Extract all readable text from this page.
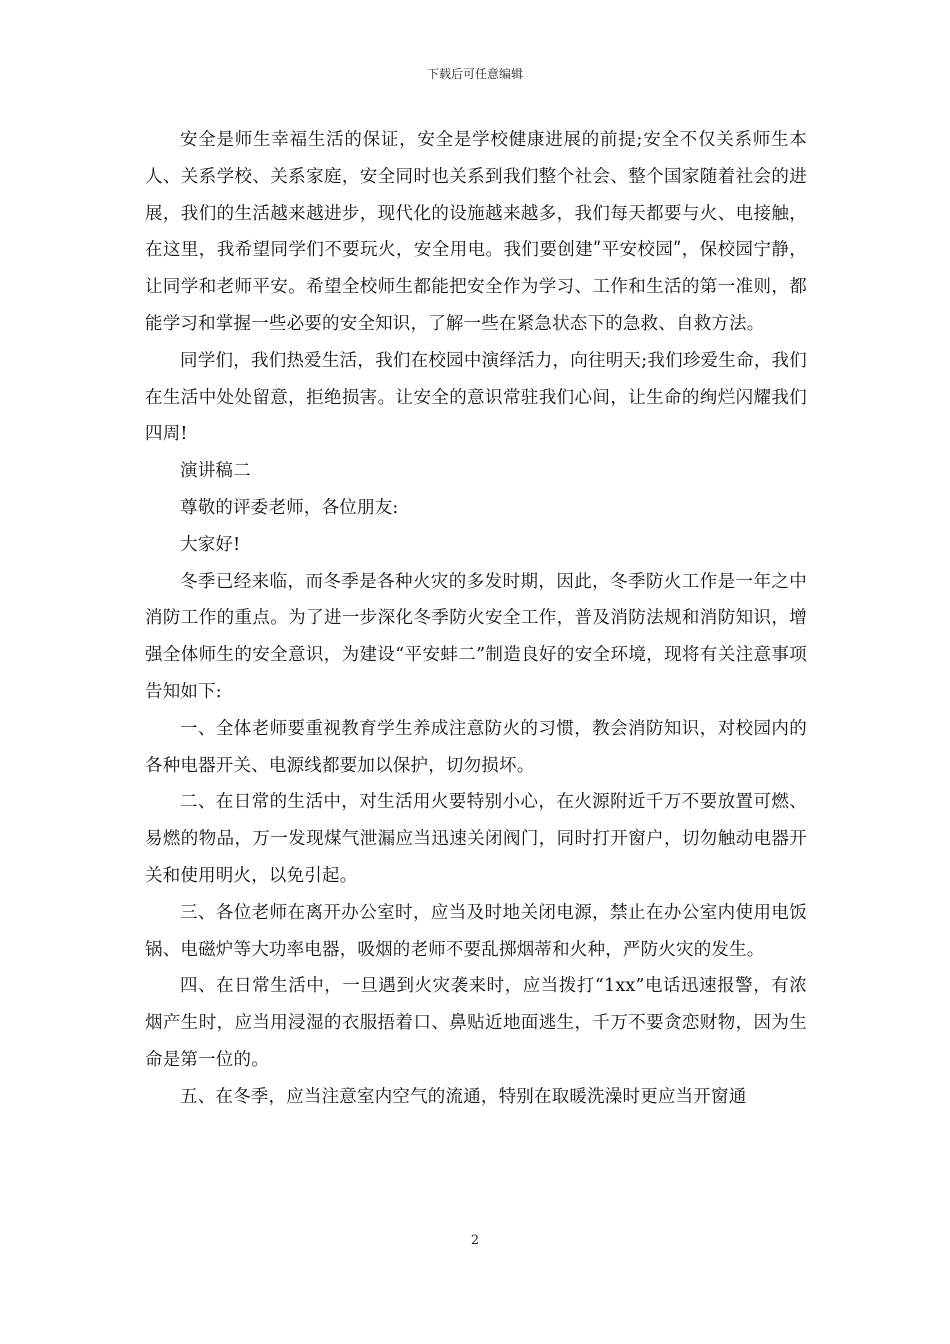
下载后可任意编辑

安全是师生幸福生活的保证，安全是学校健康进展的前提;安全不仅关系师生本人、关系学校、关系家庭，安全同时也关系到我们整个社会、整个国家随着社会的进展，我们的生活越来越进步，现代化的设施越来越多，我们每天都要与火、电接触，在这里，我希望同学们不要玩火，安全用电。我们要创建ʺ平安校园ʺ，保校园宁静，让同学和老师平安。希望全校师生都能把安全作为学习、工作和生活的第一准则，都能学习和掌握一些必要的安全知识，了解一些在紧急状态下的急救、自救方法。

同学们，我们热爱生活，我们在校园中演绎活力，向往明天;我们珍爱生命，我们在生活中处处留意，拒绝损害。让安全的意识常驻我们心间，让生命的绚烂闪耀我们四周!

演讲稿二

尊敬的评委老师，各位朋友:

大家好!

冬季已经来临，而冬季是各种火灾的多发时期，因此，冬季防火工作是一年之中消防工作的重点。为了进一步深化冬季防火安全工作，普及消防法规和消防知识，增强全体师生的安全意识，为建设“平安蚌二”制造良好的安全环境，现将有关注意事项告知如下:

一、全体老师要重视教育学生养成注意防火的习惯，教会消防知识，对校园内的各种电器开关、电源线都要加以保护，切勿损坏。

二、在日常的生活中，对生活用火要特别小心，在火源附近千万不要放置可燃、易燃的物品，万一发现煤气泄漏应当迅速关闭阀门，同时打开窗户，切勿触动电器开关和使用明火，以免引起。

三、各位老师在离开办公室时，应当及时地关闭电源，禁止在办公室内使用电饭锅、电磁炉等大功率电器，吸烟的老师不要乱掷烟蒂和火种，严防火灾的发生。

四、在日常生活中，一旦遇到火灾袭来时，应当拨打“1xx”电话迅速报警，有浓烟产生时，应当用浸湿的衣服捂着口、鼻贴近地面逃生，千万不要贪恋财物，因为生命是第一位的。

五、在冬季，应当注意室内空气的流通，特别在取暖洗澡时更应当开窗通

2
